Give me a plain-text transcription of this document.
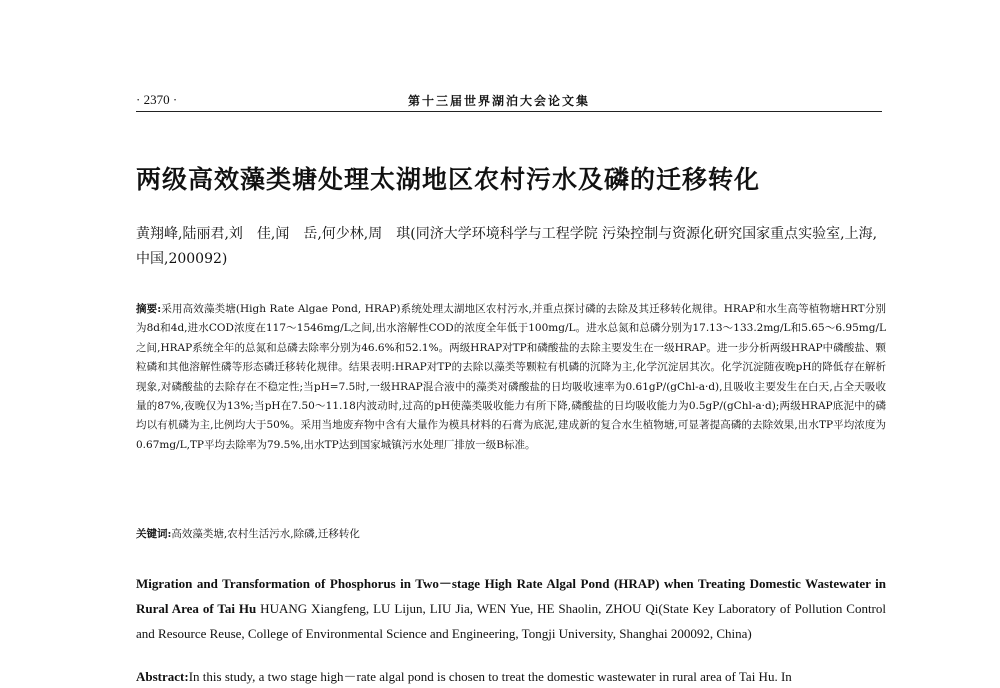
· 2370 ·	第十三届世界湖泊大会论文集
两级高效藻类塘处理太湖地区农村污水及磷的迁移转化
黄翔峰,陆丽君,刘　佳,闻　岳,何少林,周　琪(同济大学环境科学与工程学院 污染控制与资源化研究国家重点实验室,上海,中国,200092)
摘要:采用高效藻类塘(High Rate Algae Pond, HRAP)系统处理太湖地区农村污水,并重点探讨磷的去除及其迁移转化规律。HRAP和水生高等植物塘HRT分别为8d和4d,进水COD浓度在117～1546mg/L之间,出水溶解性COD的浓度全年低于100mg/L。进水总氮和总磷分别为17.13～133.2mg/L和5.65～6.95mg/L之间,HRAP系统全年的总氮和总磷去除率分别为46.6%和52.1%。两级HRAP对TP和磷酸盐的去除主要发生在一级HRAP。进一步分析两级HRAP中磷酸盐、颗粒磷和其他溶解性磷等形态磷迁移转化规律。结果表明:HRAP对TP的去除以藻类等颗粒有机磷的沉降为主,化学沉淀居其次。化学沉淀随夜晚pH的降低存在解析现象,对磷酸盐的去除存在不稳定性;当pH=7.5时,一级HRAP混合液中的藻类对磷酸盐的日均吸收速率为0.61gP/(gChl-a·d),且吸收主要发生在白天,占全天吸收量的87%,夜晚仅为13%;当pH在7.50～11.18内波动时,过高的pH使藻类吸收能力有所下降,磷酸盐的日均吸收能力为0.5gP/(gChl-a·d);两级HRAP底泥中的磷均以有机磷为主,比例均大于50%。采用当地废弃物中含有大量作为模具材料的石膏为底泥,建成新的复合水生植物塘,可显著提高磷的去除效果,出水TP平均浓度为0.67mg/L,TP平均去除率为79.5%,出水TP达到国家城镇污水处理厂排放一级B标准。
关键词:高效藻类塘,农村生活污水,除磷,迁移转化
Migration and Transformation of Phosphorus in Two－stage High Rate Algal Pond (HRAP) when Treating Domestic Wastewater in Rural Area of Tai Hu HUANG Xiangfeng, LU Lijun, LIU Jia, WEN Yue, HE Shaolin, ZHOU Qi(State Key Laboratory of Pollution Control and Resource Reuse, College of Environmental Science and Engineering, Tongji University, Shanghai 200092, China)
Abstract:In this study, a two stage high－rate algal pond is chosen to treat the domestic wastewater in rural area of Tai Hu. In
